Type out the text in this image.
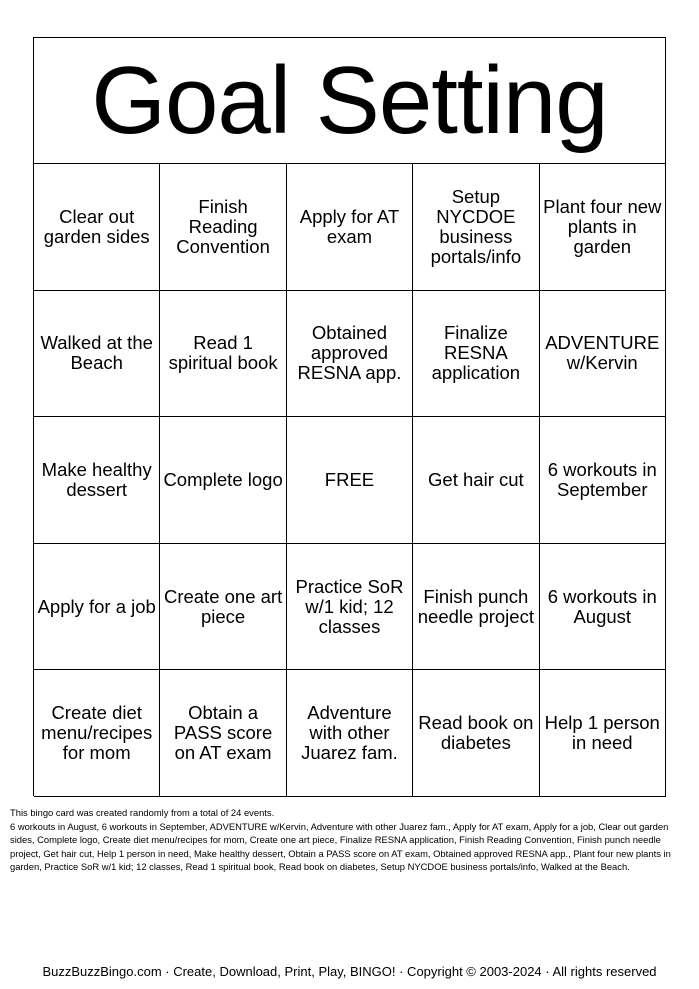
Goal Setting
Clear out garden sides
Finish Reading Convention
Apply for AT exam
Setup NYCDOE business portals/info
Plant four new plants in garden
Walked at the Beach
Read 1 spiritual book
Obtained approved RESNA app.
Finalize RESNA application
ADVENTURE w/Kervin
Make healthy dessert	Complete logo FREE	Get hair cut 6 workouts in September
Apply for a job Create one art piece
Practice SoR w/1 kid; 12 classes
Finish punch needle project
6 workouts in August
Create diet menu/recipes for mom
Obtain a PASS score on AT exam
Adventure with other Juarez fam.
Read book on diabetes
Help 1 person in need
This bingo card was created randomly from a total of 24 events.
6 workouts in August, 6 workouts in September, ADVENTURE w/Kervin, Adventure with other Juarez fam., Apply for AT exam, Apply for a job, Clear out garden sides, Complete logo, Create diet menu/recipes for mom, Create one art piece, Finalize RESNA application, Finish Reading Convention, Finish punch needle project, Get hair cut, Help 1 person in need, Make healthy dessert, Obtain a PASS score on AT exam, Obtained approved RESNA app., Plant four new plants in garden, Practice SoR w/1 kid; 12 classes, Read 1 spiritual book, Read book on diabetes, Setup NYCDOE business portals/info, Walked at the Beach.
BuzzBuzzBingo.com · Create, Download, Print, Play, BINGO! · Copyright © 2003-2024 · All rights reserved
